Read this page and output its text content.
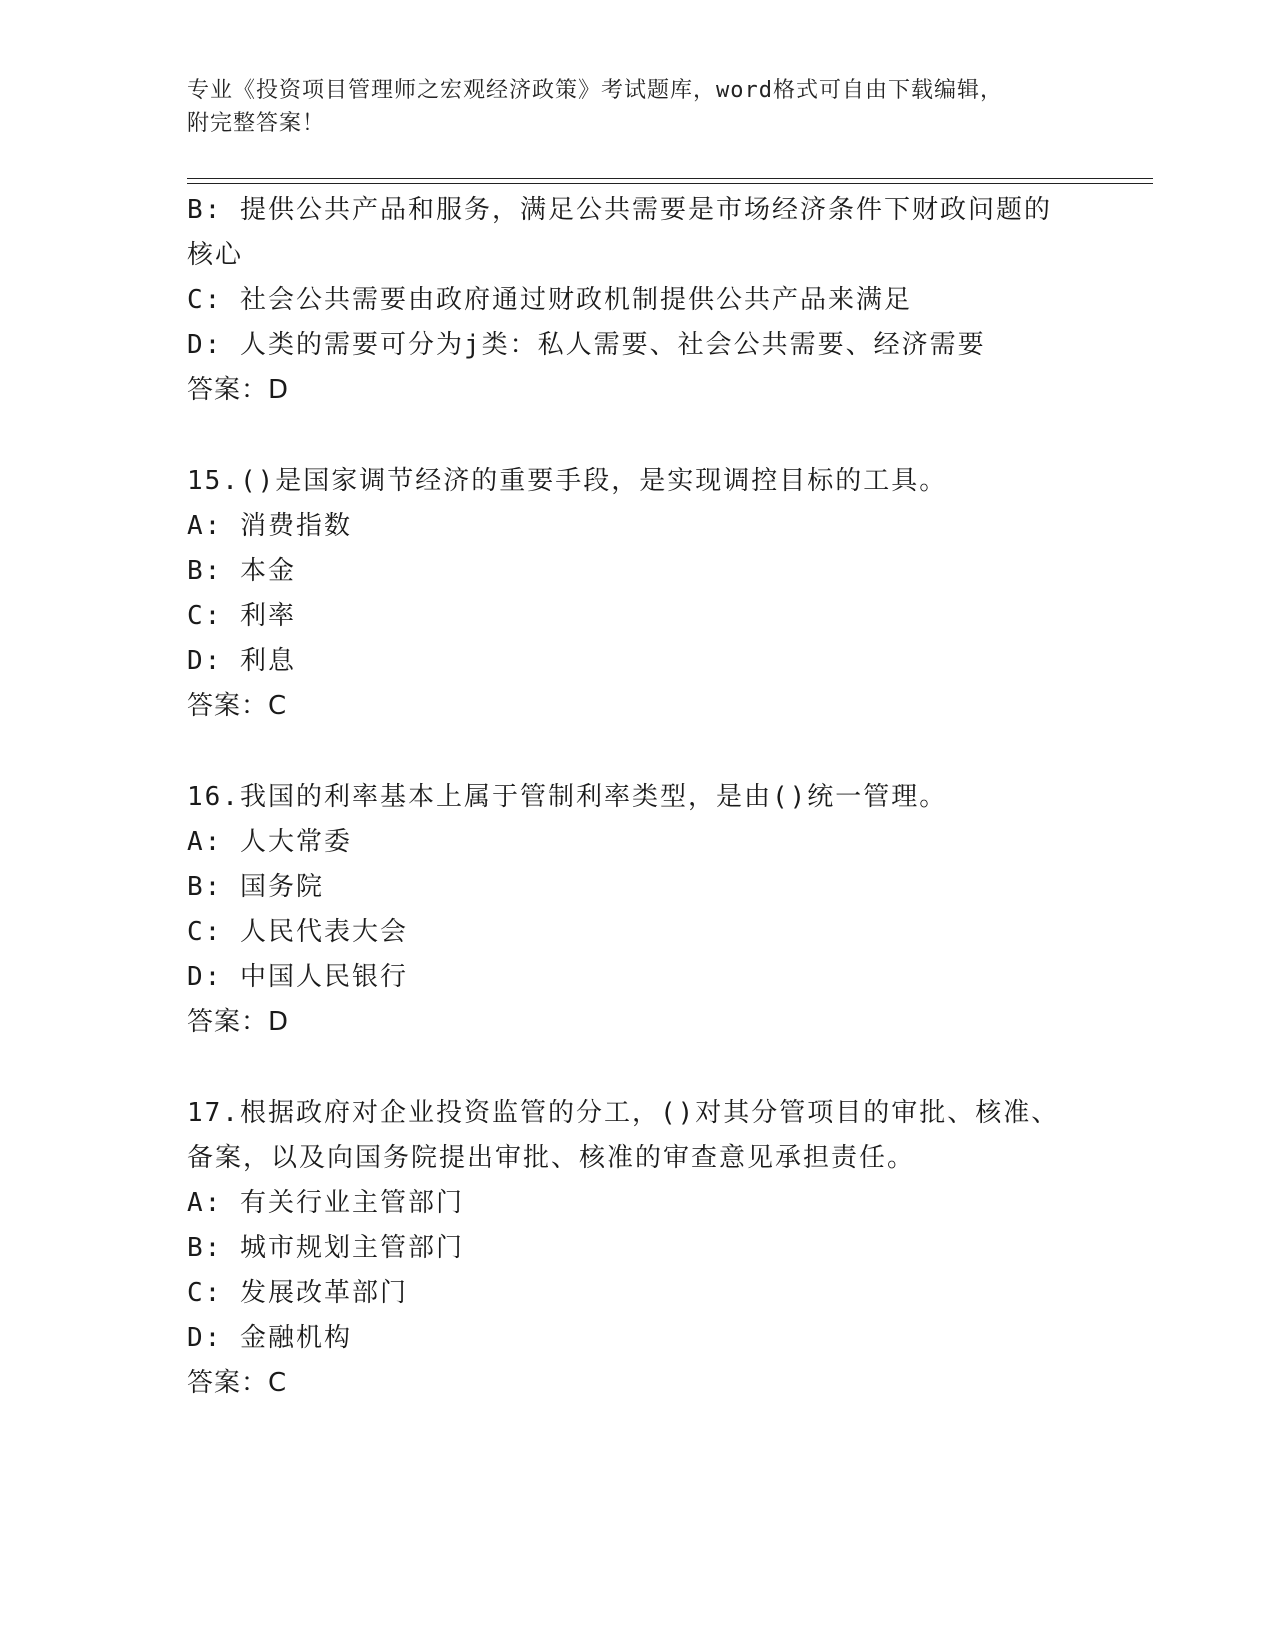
专业《投资项目管理师之宏观经济政策》考试题库，word格式可自由下载编辑，
附完整答案！
B: 提供公共产品和服务，满足公共需要是市场经济条件下财政问题的
核心
C: 社会公共需要由政府通过财政机制提供公共产品来满足
D: 人类的需要可分为j类：私人需要、社会公共需要、经济需要
答案：D
15.()是国家调节经济的重要手段，是实现调控目标的工具。
A: 消费指数
B: 本金
C: 利率
D: 利息
答案：C
16.我国的利率基本上属于管制利率类型，是由()统一管理。
A: 人大常委
B: 国务院
C: 人民代表大会
D: 中国人民银行
答案：D
17.根据政府对企业投资监管的分工，()对其分管项目的审批、核准、
备案，以及向国务院提出审批、核准的审查意见承担责任。
A: 有关行业主管部门
B: 城市规划主管部门
C: 发展改革部门
D: 金融机构
答案：C
